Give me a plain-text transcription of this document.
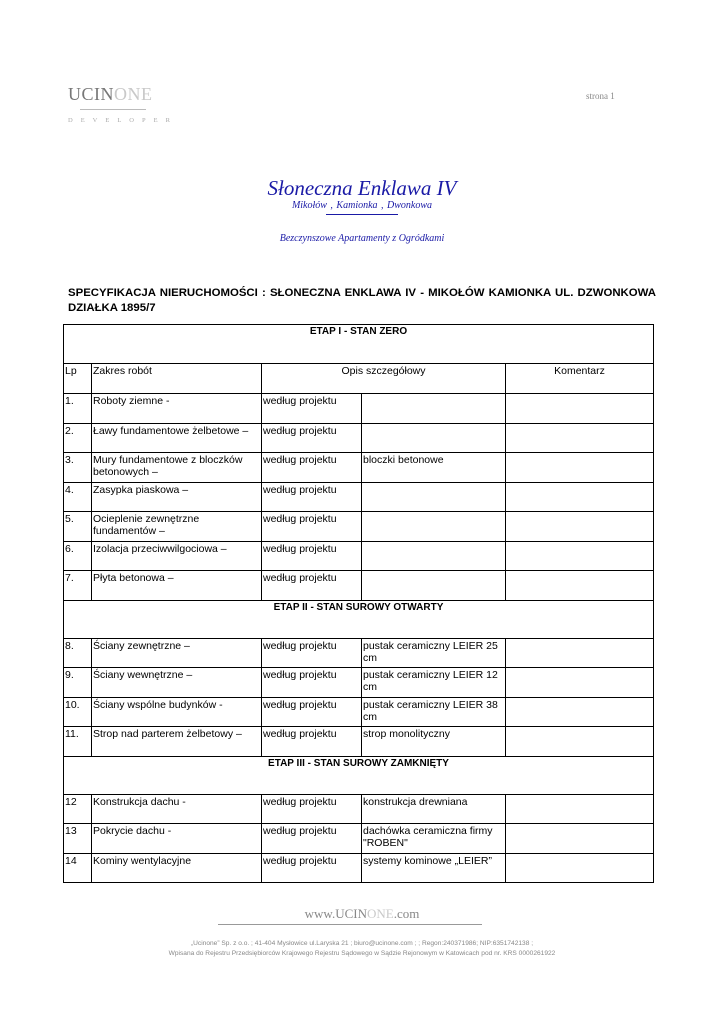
UCINONE
DEVELOPER
strona 1
Słoneczna Enklawa IV
Mikołów , Kamionka , Dwonkowa
Bezczynszowe Apartamenty z Ogródkami
SPECYFIKACJA NIERUCHOMOŚCI : SŁONECZNA ENKLAWA IV - MIKOŁÓW KAMIONKA UL. DZWONKOWA DZIAŁKA 1895/7
ETAP I - STAN ZERO				
Lp	Zakres robót	Opis szczegółowy		Komentarz
1.	Roboty ziemne -	według projektu		
2.	Ławy fundamentowe żelbetowe –	według projektu		
3.	Mury fundamentowe z bloczków betonowych –	według projektu	bloczki betonowe	
4.	Zasypka piaskowa –	według projektu		
5.	Ocieplenie zewnętrzne fundamentów –	według projektu		
6.	Izolacja przeciwwilgociowa –	według projektu		
7.	Płyta betonowa –	według projektu		
ETAP II - STAN SUROWY OTWARTY				
8.	Ściany zewnętrzne –	według projektu	pustak ceramiczny LEIER 25 cm	
9.	Ściany wewnętrzne –	według projektu	pustak ceramiczny LEIER 12 cm	
10.	Ściany wspólne budynków -	według projektu	pustak ceramiczny LEIER 38 cm	
11.	Strop nad parterem żelbetowy –	według projektu	strop monolityczny	
ETAP III - STAN SUROWY ZAMKNIĘTY				
12	Konstrukcja dachu -	według projektu	konstrukcja drewniana	
13	Pokrycie dachu -	według projektu	dachówka ceramiczna firmy "ROBEN"	
14	Kominy wentylacyjne	według projektu	systemy kominowe „LEIER”	
www.UCINONE.com
„Ucinone” Sp. z o.o. ; 41-404 Mysłowice ul.Laryska 21 ; biuro@ucinone.com ; ; Regon:240371986; NIP:6351742138 ;
Wpisana do Rejestru Przedsiębiorców Krajowego Rejestru Sądowego w Sądzie Rejonowym w Katowicach pod nr. KRS 0000261922
